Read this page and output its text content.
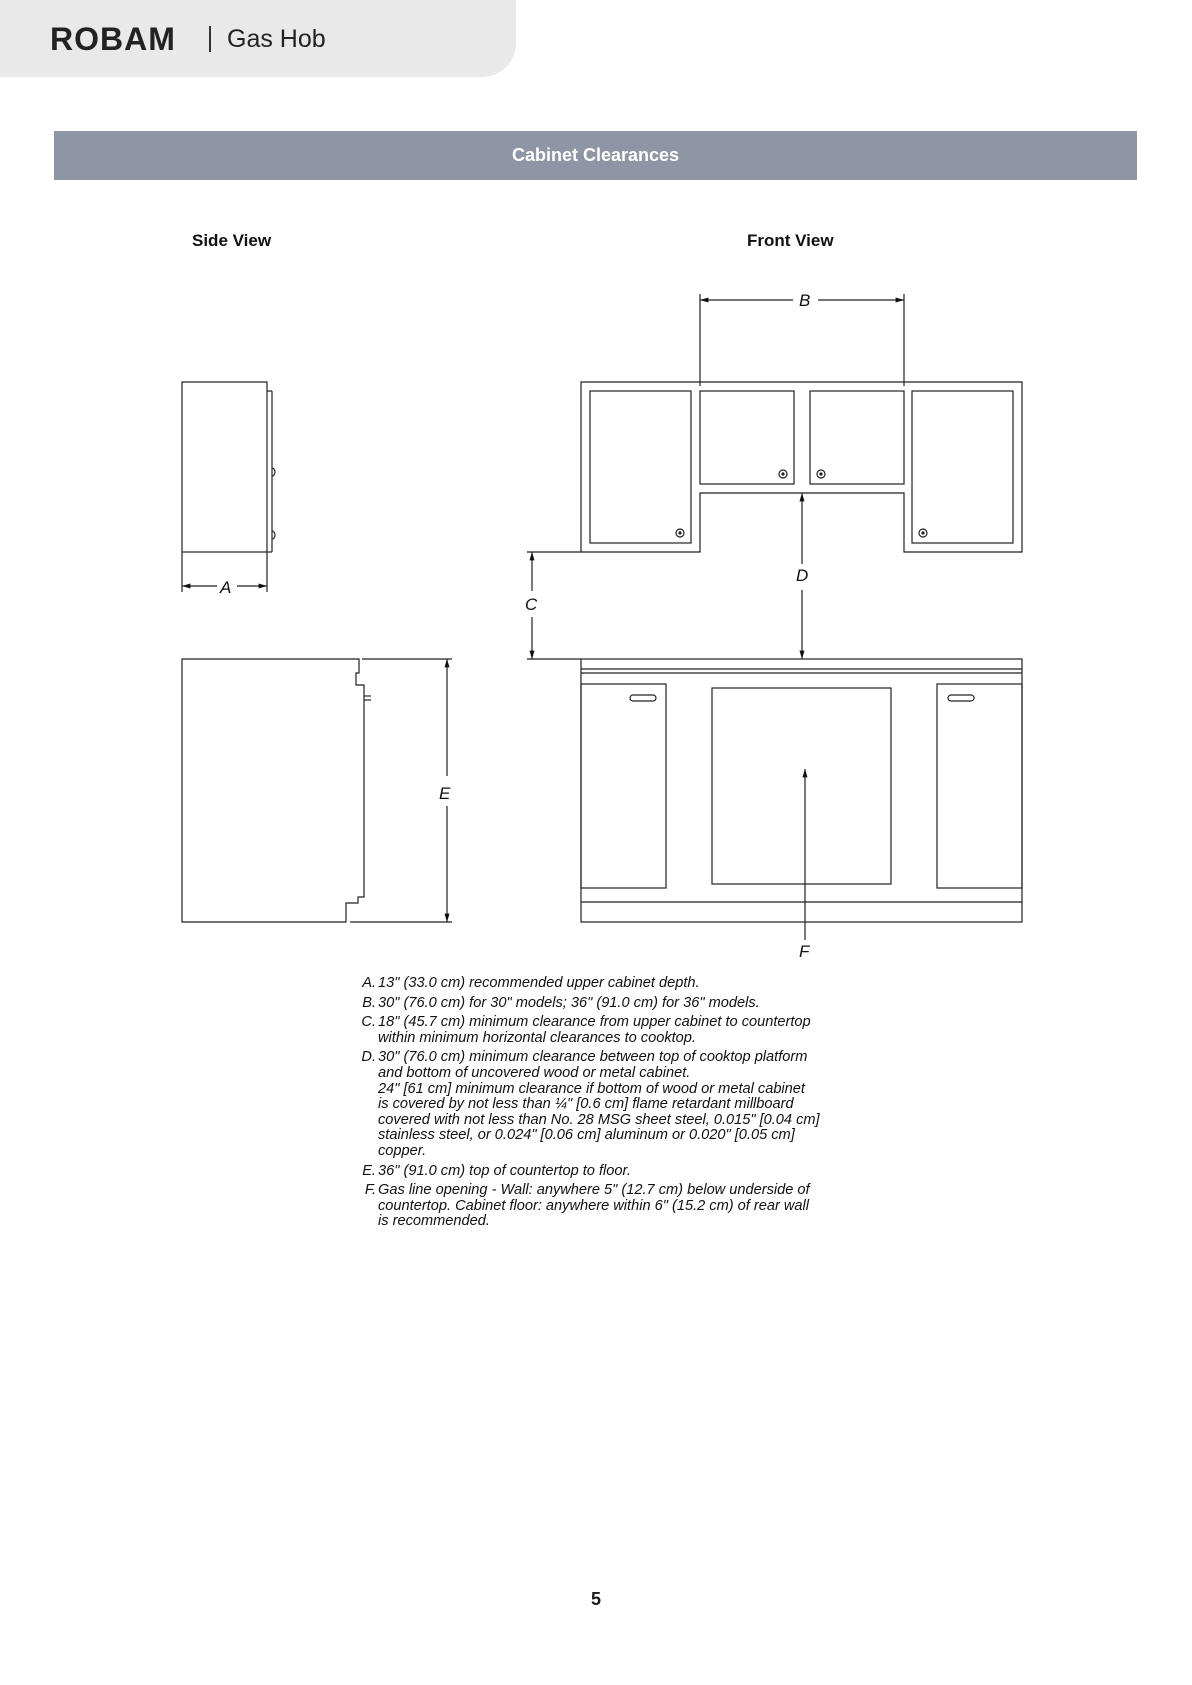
ROBAM Gas Hob
Cabinet Clearances
Side View	Front View
A
B
C
D
E
F
A. 13" (33.0 cm) recommended upper cabinet depth.
B. 30" (76.0 cm) for 30" models; 36" (91.0 cm) for 36" models.
C. 18" (45.7 cm) minimum clearance from upper cabinet to countertop
within minimum horizontal clearances to cooktop.
D. 30" (76.0 cm) minimum clearance between top of cooktop platform
and bottom of uncovered wood or metal cabinet.
24" [61 cm] minimum clearance if bottom of wood or metal cabinet
is covered by not less than ¼" [0.6 cm] flame retardant millboard
covered with not less than No. 28 MSG sheet steel, 0.015" [0.04 cm]
stainless steel, or 0.024" [0.06 cm] aluminum or 0.020" [0.05 cm]
copper.
E. 36" (91.0 cm) top of countertop to floor.
F. Gas line opening - Wall: anywhere 5" (12.7 cm) below underside of
countertop. Cabinet floor: anywhere within 6" (15.2 cm) of rear wall
is recommended.
5
